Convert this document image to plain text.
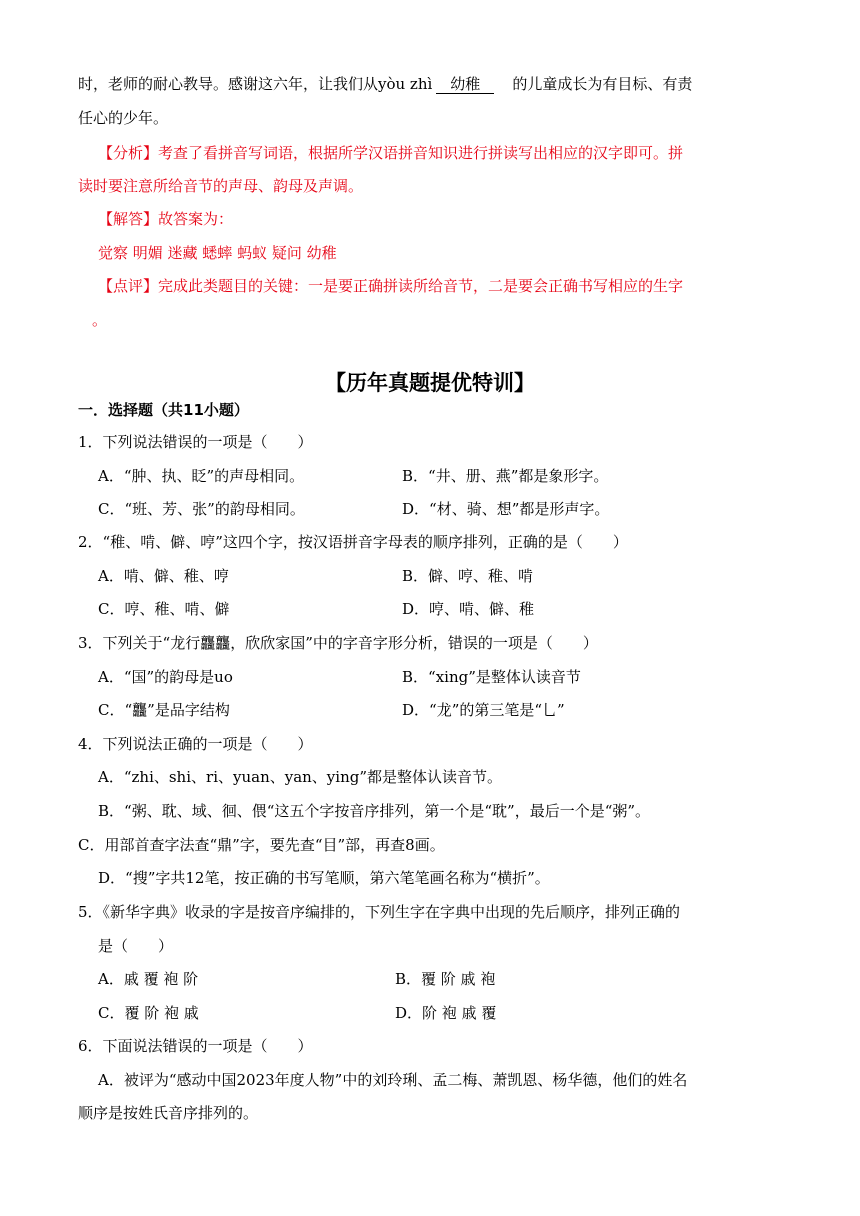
时，老师的耐心教导。感谢这六年，让我们从yòu zhì 幼稚 的儿童成长为有目标、有责
任心的少年。
【分析】考查了看拼音写词语，根据所学汉语拼音知识进行拼读写出相应的汉字即可。拼
读时要注意所给音节的声母、韵母及声调。
【解答】故答案为：
觉察 明媚 迷藏 蟋蟀 蚂蚁 疑问 幼稚
【点评】完成此类题目的关键：一是要正确拼读所给音节，二是要会正确书写相应的生字
。
【历年真题提优特训】
一．选择题（共11小题）
1．下列说法错误的一项是（　　）
A．“肿、执、眨”的声母相同。	B．“井、册、燕”都是象形字。
C．“班、芳、张”的韵母相同。	D．“材、骑、想”都是形声字。
2．“稚、啃、僻、哼”这四个字，按汉语拼音字母表的顺序排列，正确的是（　　）
A．啃、僻、稚、哼	B．僻、哼、稚、啃
C．哼、稚、啃、僻	D．哼、啃、僻、稚
3．下列关于“龙行龘龘，欣欣家国”中的字音字形分析，错误的一项是（　　）
A．“国”的韵母是uo	B．“xing”是整体认读音节
C．“龘”是品字结构	D．“龙”的第三笔是“乚”
4．下列说法正确的一项是（　　）
A．“zhi、shi、ri、yuan、yan、ying”都是整体认读音节。
B．“粥、耽、域、徊、偎“这五个字按音序排列，第一个是“耽”，最后一个是“粥”。
C．用部首查字法查“鼎”字，要先查“目”部，再查8画。
D．“搜”字共12笔，按正确的书写笔顺，第六笔笔画名称为“横折”。
5．《新华字典》收录的字是按音序编排的，下列生字在字典中出现的先后顺序，排列正确的
是（　　）
A．戚 覆 袍 阶	B．覆 阶 戚 袍
C．覆 阶 袍 戚	D．阶 袍 戚 覆
6．下面说法错误的一项是（　　）
A．被评为“感动中国2023年度人物”中的刘玲琍、孟二梅、萧凯恩、杨华德，他们的姓名
顺序是按姓氏音序排列的。
